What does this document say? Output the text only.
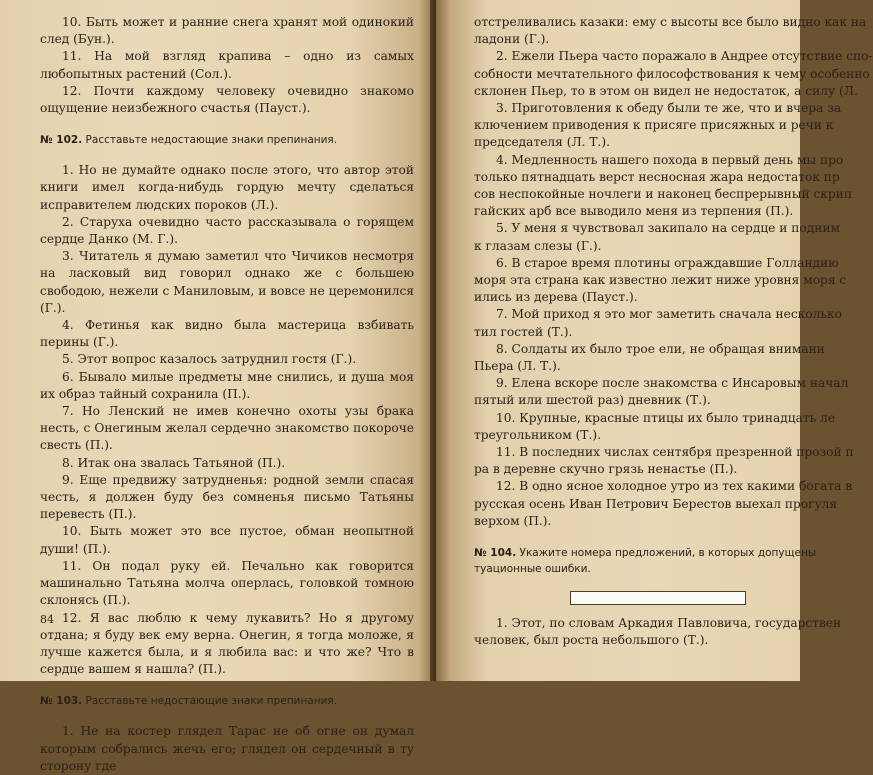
10. Быть может и ранние снега хранят мой одинокий след (Бун.).

11. На мой взгляд крапива – одно из самых любопытных растений (Сол.).

12. Почти каждому человеку очевидно знакомо ощущение неизбежного счастья (Пауст.).

№ 102. Расставьте недостающие знаки препинания.

1. Но не думайте однако после этого, что автор этой книги имел когда-нибудь гордую мечту сделаться исправителем людских пороков (Л.).

2. Старуха очевидно часто рассказывала о горящем сердце Данко (М. Г.).

3. Читатель я думаю заметил что Чичиков несмотря на ласковый вид говорил однако же с большею свободою, нежели с Маниловым, и вовсе не церемонился (Г.).

4. Фетинья как видно была мастерица взбивать перины (Г.).

5. Этот вопрос казалось затруднил гостя (Г.).

6. Бывало милые предметы мне снились, и душа моя их образ тайный сохранила (П.).

7. Но Ленский не имев конечно охоты узы брака несть, с Онегиным желал сердечно знакомство покороче свесть (П.).

8. Итак она звалась Татьяной (П.).

9. Еще предвижу затрудненья: родной земли спасая честь, я должен буду без сомненья письмо Татьяны перевесть (П.).

10. Быть может это все пустое, обман неопытной души! (П.).

11. Он подал руку ей. Печально как говорится машинально Татьяна молча оперлась, головкой томною склонясь (П.).

12. Я вас люблю к чему лукавить? Но я другому отдана; я буду век ему верна. Онегин, я тогда моложе, я лучше кажется была, и я любила вас: и что же? Что в сердце вашем я нашла? (П.).

№ 103. Расставьте недостающие знаки препинания.

1. Не на костер глядел Тарас не об огне он думал которым собрались жечь его; глядел он сердечный в ту сторону где

84

отстреливались казаки: ему с высоты все было видно как на

ладони (Г.).

2. Ежели Пьера часто поражало в Андрее отсутствие спо-

собности мечтательного философствования к чему особенно

склонен Пьер, то в этом он видел не недостаток, а силу (Л.

3. Приготовления к обеду были те же, что и вчера за

ключением приводения к присяге присяжных и речи к

председателя (Л. Т.).

4. Медленность нашего похода в первый день мы про

только пятнадцать верст несносная жара недостаток пр

сов неспокойные ночлеги и наконец беспрерывный скрип

гайских арб все выводило меня из терпения (П.).

5. У меня я чувствовал закипало на сердце и подним

к глазам слезы (Г.).

6. В старое время плотины ограждавшие Голландию

моря эта страна как известно лежит ниже уровня моря с

ились из дерева (Пауст.).

7. Мой приход я это мог заметить сначала несколько

тил гостей (Т.).

8. Солдаты их было трое ели, не обращая внимани

Пьера (Л. Т.).

9. Елена вскоре после знакомства с Инсаровым начал

пятый или шестой раз) дневник (Т.).

10. Крупные, красные птицы их было тринадцать ле

треугольником (Т.).

11. В последних числах сентября презренной прозой п

ра в деревне скучно грязь ненастье (П.).

12. В одно ясное холодное утро из тех какими богата в

русская осень Иван Петрович Берестов выехал прогуля

верхом (П.).

№ 104. Укажите номера предложений, в которых допущены
туационные ошибки.

1. Этот, по словам Аркадия Павловича, государствен

человек, был роста небольшого (Т.).
